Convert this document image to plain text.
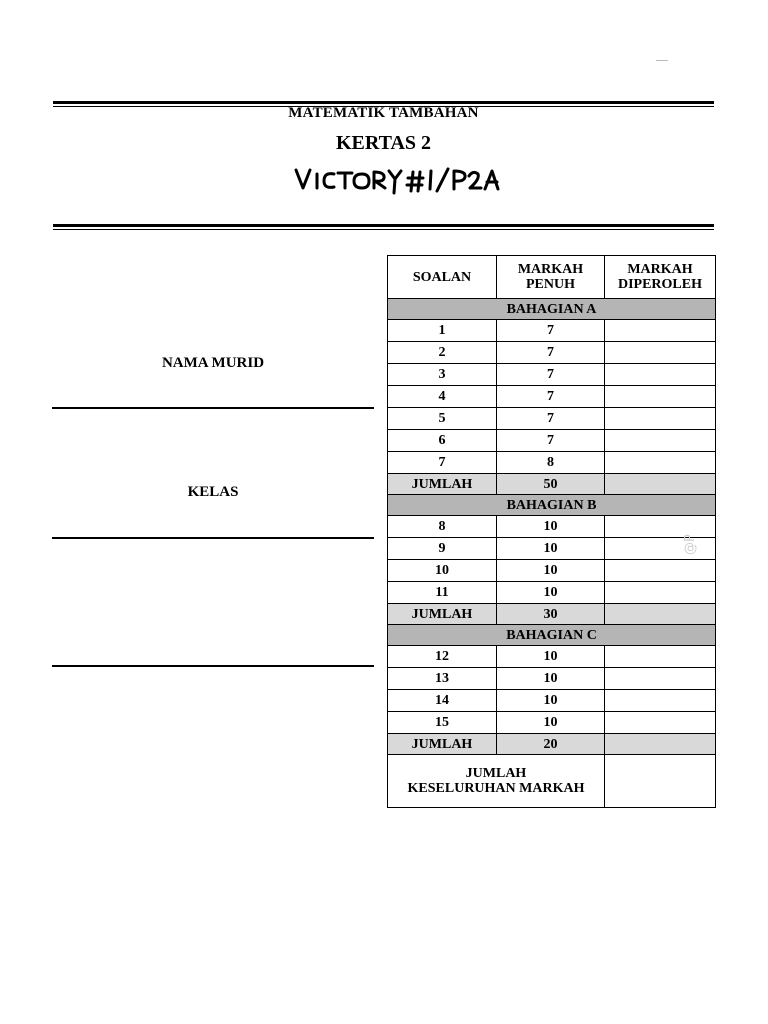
MATEMATIK TAMBAHAN
KERTAS 2
NAMA MURID
KELAS
SOALAN	MARKAH PENUH	MARKAH DIPEROLEH
BAHAGIAN A		
1	7	
2	7	
3	7	
4	7	
5	7	
6	7	
7	8	
JUMLAH	50	
BAHAGIAN B		
8	10	
9	10	
10	10	
11	10	
JUMLAH	30	
BAHAGIAN C		
12	10	
13	10	
14	10	
15	10	
JUMLAH	20	

JUMLAH
KESELURUHAN MARKAH		

@P
